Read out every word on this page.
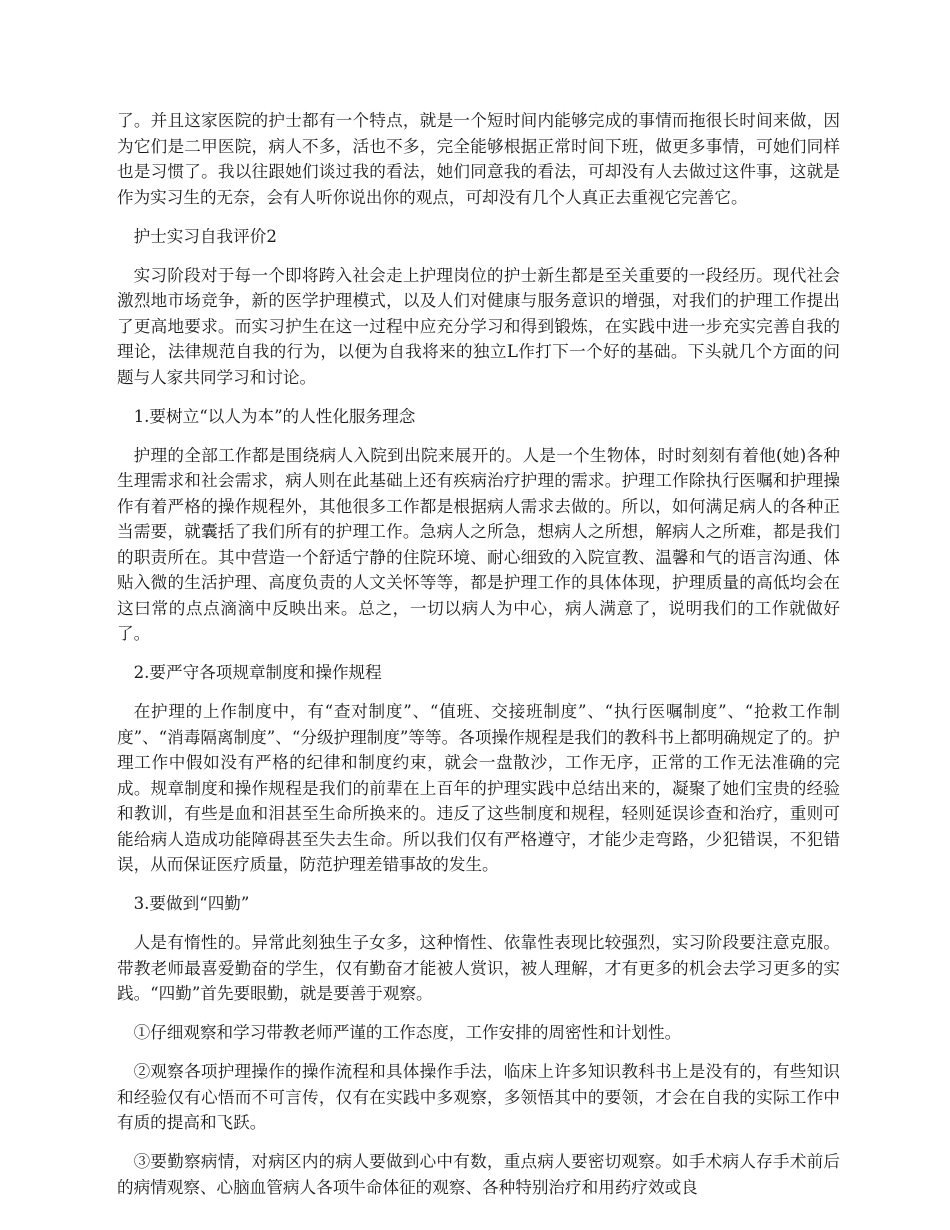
了。并且这家医院的护士都有一个特点，就是一个短时间内能够完成的事情而拖很长时间来做，因为它们是二甲医院，病人不多，活也不多，完全能够根据正常时间下班，做更多事情，可她们同样也是习惯了。我以往跟她们谈过我的看法，她们同意我的看法，可却没有人去做过这件事，这就是作为实习生的无奈，会有人听你说出你的观点，可却没有几个人真正去重视它完善它。

护士实习自我评价2

实习阶段对于每一个即将跨入社会走上护理岗位的护士新生都是至关重要的一段经历。现代社会激烈地市场竞争，新的医学护理模式，以及人们对健康与服务意识的增强，对我们的护理工作提出了更高地要求。而实习护生在这一过程中应充分学习和得到锻炼，在实践中进一步充实完善自我的理论，法律规范自我的行为，以便为自我将来的独立L作打下一个好的基础。下头就几个方面的问题与人家共同学习和讨论。

1.要树立“以人为本”的人性化服务理念

护理的全部工作都是围绕病人入院到出院来展开的。人是一个生物体，时时刻刻有着他(她)各种生理需求和社会需求，病人则在此基础上还有疾病治疗护理的需求。护理工作除执行医嘱和护理操作有着严格的操作规程外，其他很多工作都是根据病人需求去做的。所以，如何满足病人的各种正当需要，就囊括了我们所有的护理工作。急病人之所急，想病人之所想，解病人之所难，都是我们的职责所在。其中营造一个舒适宁静的住院环境、耐心细致的入院宣教、温馨和气的语言沟通、体贴入微的生活护理、高度负责的人文关怀等等，都是护理工作的具体体现，护理质量的高低均会在这曰常的点点滴滴中反映出来。总之，一切以病人为中心，病人满意了，说明我们的工作就做好了。

2.要严守各项规章制度和操作规程

在护理的上作制度中，有“查对制度”、“值班、交接班制度”、“执行医嘱制度”、“抢救工作制度”、“消毒隔离制度”、“分级护理制度”等等。各项操作规程是我们的教科书上都明确规定了的。护理工作中假如没有严格的纪律和制度约束，就会一盘散沙，工作无序，正常的工作无法准确的完成。规章制度和操作规程是我们的前辈在上百年的护理实践中总结出来的，凝聚了她们宝贵的经验和教训，有些是血和泪甚至生命所换来的。违反了这些制度和规程，轻则延误诊查和治疗，重则可能给病人造成功能障碍甚至失去生命。所以我们仅有严格遵守，才能少走弯路，少犯错误，不犯错误，从而保证医疗质量，防范护理差错事故的发生。

3.要做到“四勤”

人是有惰性的。异常此刻独生子女多，这种惰性、依靠性表现比较强烈，实习阶段要注意克服。带教老师最喜爱勤奋的学生，仅有勤奋才能被人赏识，被人理解，才有更多的机会去学习更多的实践。“四勤”首先要眼勤，就是要善于观察。

①仔细观察和学习带教老师严谨的工作态度，工作安排的周密性和计划性。

②观察各项护理操作的操作流程和具体操作手法，临床上许多知识教科书上是没有的，有些知识和经验仅有心悟而不可言传，仅有在实践中多观察，多领悟其中的要领，才会在自我的实际工作中有质的提高和飞跃。

③要勤察病情，对病区内的病人要做到心中有数，重点病人要密切观察。如手术病人存手术前后的病情观察、心脑血管病人各项牛命体征的观察、各种特别治疗和用药疗效或良
